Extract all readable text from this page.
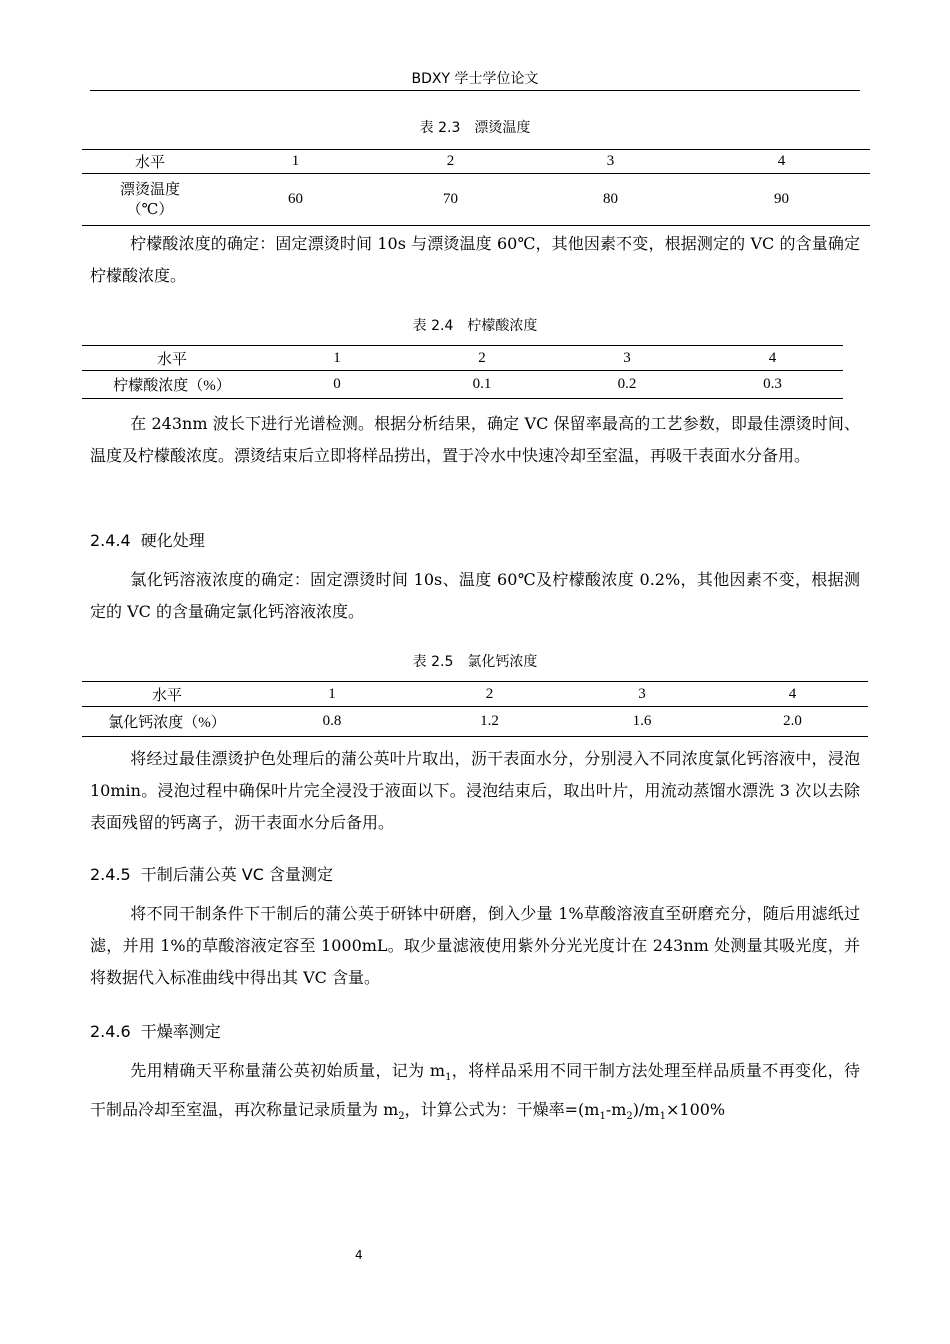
BDXY 学士学位论文
表 2.3　漂烫温度
水平	1	2	3	4

漂烫温度
（℃）	60	70	80	90

柠檬酸浓度的确定：固定漂烫时间 10s 与漂烫温度 60℃，其他因素不变，根据测定的 VC 的含量确定柠檬酸浓度。

表 2.4　柠檬酸浓度
水平	1	2	3	4
柠檬酸浓度（%）	0	0.1	0.2	0.3

在 243nm 波长下进行光谱检测。根据分析结果，确定 VC 保留率最高的工艺参数，即最佳漂烫时间、温度及柠檬酸浓度。漂烫结束后立即将样品捞出，置于冷水中快速冷却至室温，再吸干表面水分备用。

2.4.4 硬化处理

氯化钙溶液浓度的确定：固定漂烫时间 10s、温度 60℃及柠檬酸浓度 0.2%，其他因素不变，根据测定的 VC 的含量确定氯化钙溶液浓度。

表 2.5　氯化钙浓度
水平	1	2	3	4
氯化钙浓度（%）	0.8	1.2	1.6	2.0

将经过最佳漂烫护色处理后的蒲公英叶片取出，沥干表面水分，分别浸入不同浓度氯化钙溶液中，浸泡 10min。浸泡过程中确保叶片完全浸没于液面以下。浸泡结束后，取出叶片，用流动蒸馏水漂洗 3 次以去除表面残留的钙离子，沥干表面水分后备用。

2.4.5 干制后蒲公英 VC 含量测定

将不同干制条件下干制后的蒲公英于研钵中研磨，倒入少量 1%草酸溶液直至研磨充分，随后用滤纸过滤，并用 1%的草酸溶液定容至 1000mL。取少量滤液使用紫外分光光度计在 243nm 处测量其吸光度，并将数据代入标准曲线中得出其 VC 含量。

2.4.6 干燥率测定

先用精确天平称量蒲公英初始质量，记为 $m_1$，将样品采用不同干制方法处理至样品质量不再变化，待干制品冷却至室温，再次称量记录质量为 $m_2$，计算公式为：干燥率$=(m_1-m_2)/m_1\times 100\%$

4
